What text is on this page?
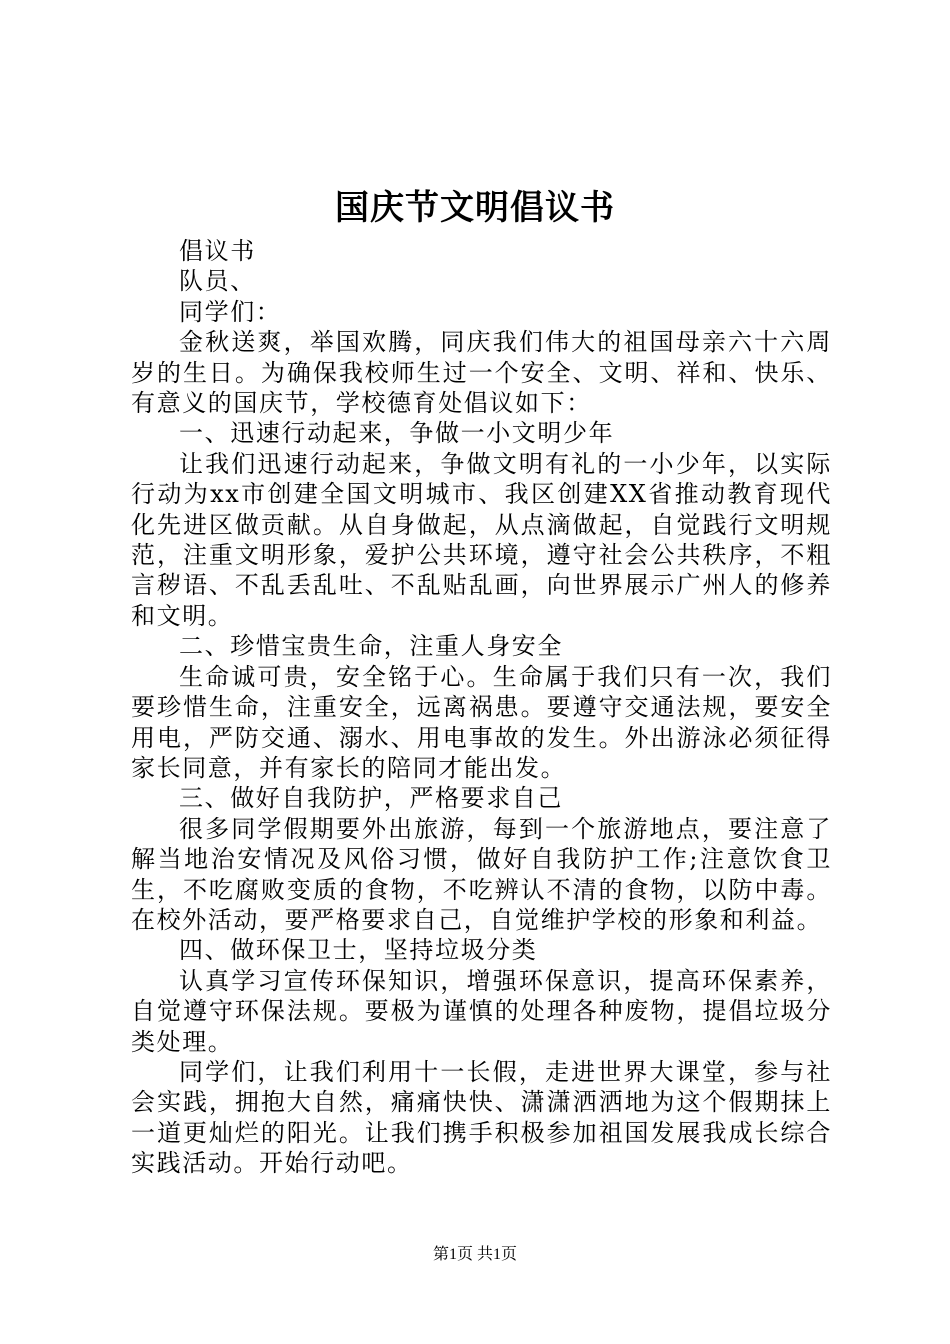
国庆节文明倡议书

倡议书

队员、

同学们：

金秋送爽，举国欢腾，同庆我们伟大的祖国母亲六十六周岁的生日。为确保我校师生过一个安全、文明、祥和、快乐、有意义的国庆节，学校德育处倡议如下：

一、迅速行动起来，争做一小文明少年

让我们迅速行动起来，争做文明有礼的一小少年，以实际行动为xx市创建全国文明城市、我区创建XX省推动教育现代化先进区做贡献。从自身做起，从点滴做起，自觉践行文明规范，注重文明形象，爱护公共环境，遵守社会公共秩序，不粗言秽语、不乱丢乱吐、不乱贴乱画，向世界展示广州人的修养和文明。

二、珍惜宝贵生命，注重人身安全

生命诚可贵，安全铭于心。生命属于我们只有一次，我们要珍惜生命，注重安全，远离祸患。要遵守交通法规，要安全用电，严防交通、溺水、用电事故的发生。外出游泳必须征得家长同意，并有家长的陪同才能出发。

三、做好自我防护，严格要求自己

很多同学假期要外出旅游，每到一个旅游地点，要注意了解当地治安情况及风俗习惯，做好自我防护工作;注意饮食卫生，不吃腐败变质的食物，不吃辨认不清的食物，以防中毒。在校外活动，要严格要求自己，自觉维护学校的形象和利益。

四、做环保卫士，坚持垃圾分类

认真学习宣传环保知识，增强环保意识，提高环保素养，自觉遵守环保法规。要极为谨慎的处理各种废物，提倡垃圾分类处理。

同学们，让我们利用十一长假，走进世界大课堂，参与社会实践，拥抱大自然，痛痛快快、潇潇洒洒地为这个假期抹上一道更灿烂的阳光。让我们携手积极参加祖国发展我成长综合实践活动。开始行动吧。

第1页 共1页
